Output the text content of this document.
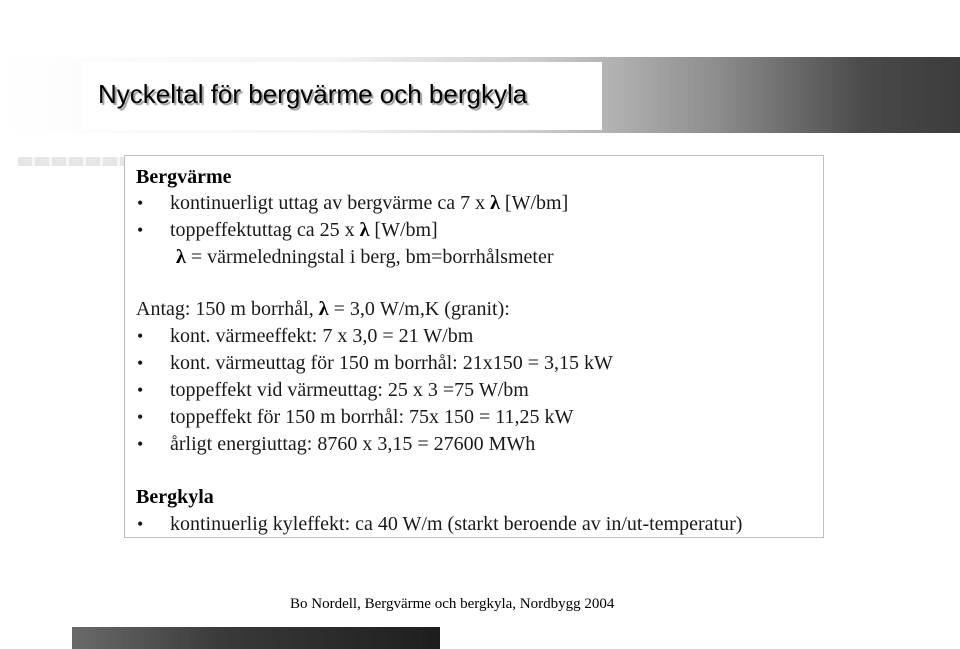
Nyckeltal för bergvärme och bergkyla
Bergvärme
• kontinuerligt uttag av bergvärme ca 7 x λ [W/bm]
• toppeffektuttag ca 25 x λ [W/bm]
λ = värmeledningstal i berg, bm=borrhålsmeter
Antag: 150 m borrhål, λ = 3,0 W/m,K (granit):
• kont. värmeeffekt: 7 x 3,0 = 21 W/bm
• kont. värmeuttag för 150 m borrhål: 21x150 = 3,15 kW
• toppeffekt vid värmeuttag: 25 x 3 =75 W/bm
• toppeffekt för 150 m borrhål: 75x 150 = 11,25 kW
• årligt energiuttag: 8760 x 3,15 = 27600 MWh
Bergkyla
• kontinuerlig kyleffekt: ca 40 W/m (starkt beroende av in/ut-temperatur)
Bo Nordell, Bergvärme och bergkyla, Nordbygg 2004
